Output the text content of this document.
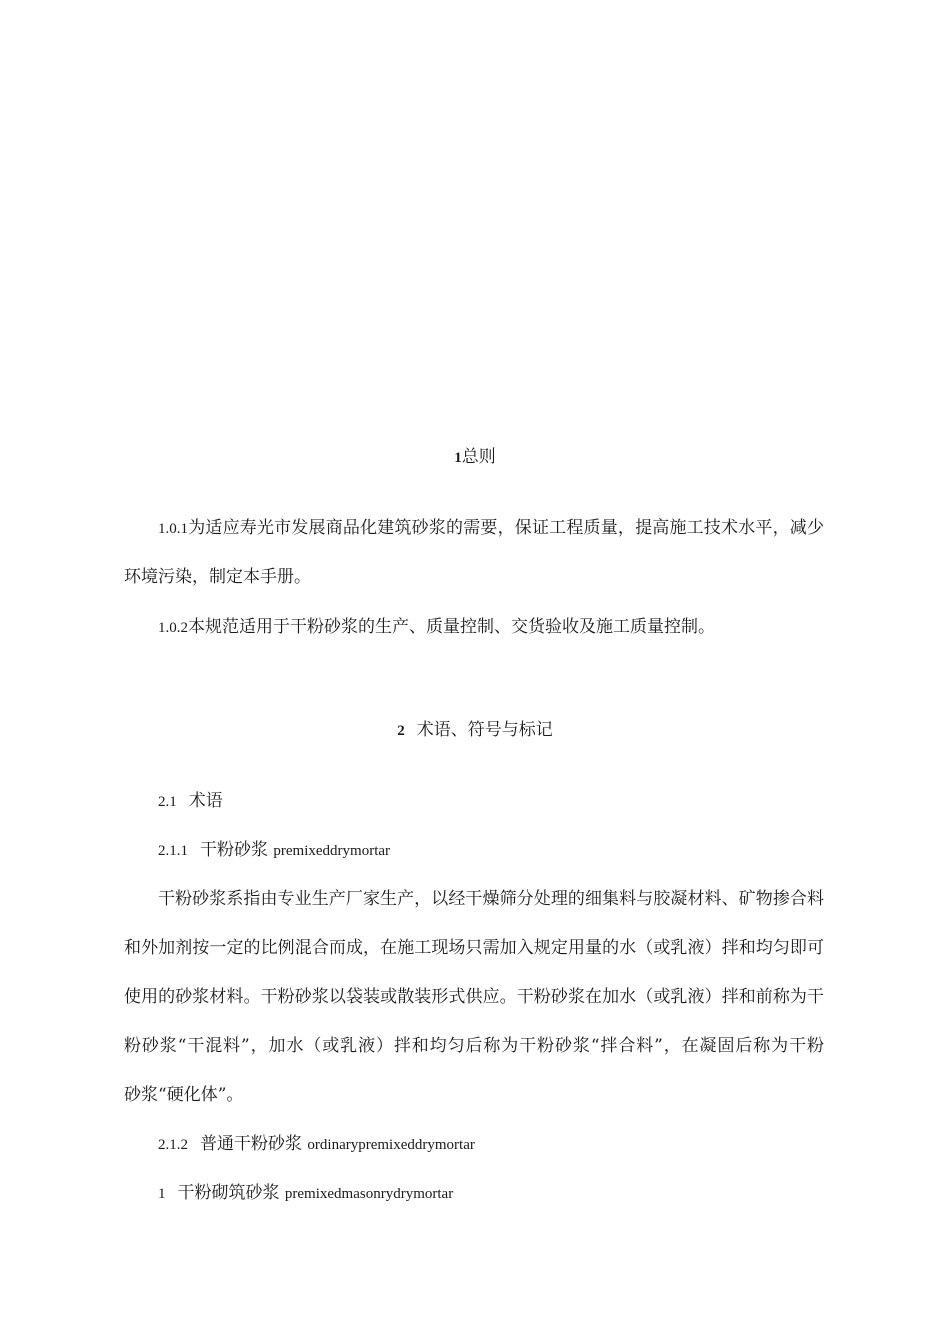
1总则
1.0.1为适应寿光市发展商品化建筑砂浆的需要，保证工程质量，提高施工技术水平，减少
环境污染，制定本手册。
1.0.2本规范适用于干粉砂浆的生产、质量控制、交货验收及施工质量控制。
2 术语、符号与标记
2.1 术语
2.1.1 干粉砂浆 premixeddrymortar
干粉砂浆系指由专业生产厂家生产，以经干燥筛分处理的细集料与胶凝材料、矿物掺合料
和外加剂按一定的比例混合而成，在施工现场只需加入规定用量的水（或乳液）拌和均匀即可
使用的砂浆材料。干粉砂浆以袋装或散装形式供应。干粉砂浆在加水（或乳液）拌和前称为干
粉砂浆“干混料”，加水（或乳液）拌和均匀后称为干粉砂浆“拌合料”，在凝固后称为干粉
砂浆“硬化体”。
2.1.2 普通干粉砂浆 ordinarypremixeddrymortar
1 干粉砌筑砂浆 premixedmasonrydrymortar
